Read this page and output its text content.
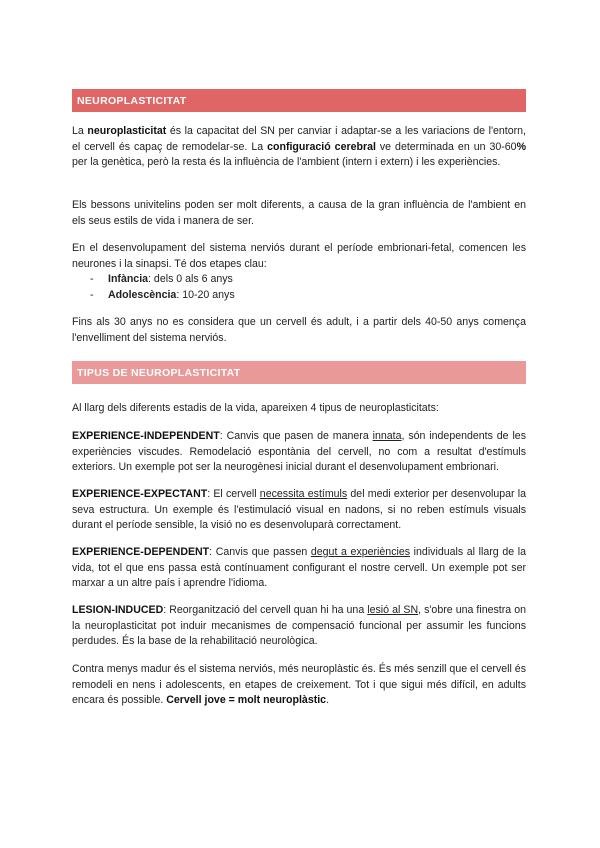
NEUROPLASTICITAT

La neuroplasticitat és la capacitat del SN per canviar i adaptar-se a les variacions de l'entorn, el cervell és capaç de remodelar-se. La configuració cerebral ve determinada en un 30-60% per la genètica, però la resta és la influència de l'ambient (intern i extern) i les experiències.

Els bessons univitelins poden ser molt diferents, a causa de la gran influència de l'ambient en els seus estils de vida i manera de ser.

En el desenvolupament del sistema nerviós durant el període embrionari-fetal, comencen les neurones i la sinapsi. Té dos etapes clau:

- Infància: dels 0 als 6 anys
- Adolescència: 10-20 anys

Fins als 30 anys no es considera que un cervell és adult, i a partir dels 40-50 anys comença l'envelliment del sistema nerviós.

TIPUS DE NEUROPLASTICITAT

Al llarg dels diferents estadis de la vida, apareixen 4 tipus de neuroplasticitats:

EXPERIENCE-INDEPENDENT: Canvis que pasen de manera innata, són independents de les experiències viscudes. Remodelació espontània del cervell, no com a resultat d'estímuls exteriors. Un exemple pot ser la neurogènesi inicial durant el desenvolupament embrionari.

EXPERIENCE-EXPECTANT: El cervell necessita estímuls del medi exterior per desenvolupar la seva estructura. Un exemple és l'estimulació visual en nadons, si no reben estímuls visuals durant el període sensible, la visió no es desenvoluparà correctament.

EXPERIENCE-DEPENDENT: Canvis que passen degut a experiències individuals al llarg de la vida, tot el que ens passa està contínuament configurant el nostre cervell. Un exemple pot ser marxar a un altre país i aprendre l'idioma.

LESION-INDUCED: Reorganització del cervell quan hi ha una lesió al SN, s'obre una finestra on la neuroplasticitat pot induir mecanismes de compensació funcional per assumir les funcions perdudes. És la base de la rehabilitació neurològica.

Contra menys madur és el sistema nerviós, més neuroplàstic és. És més senzill que el cervell és remodeli en nens i adolescents, en etapes de creixement. Tot i que sigui més difícil, en adults encara és possible. Cervell jove = molt neuroplàstic.
